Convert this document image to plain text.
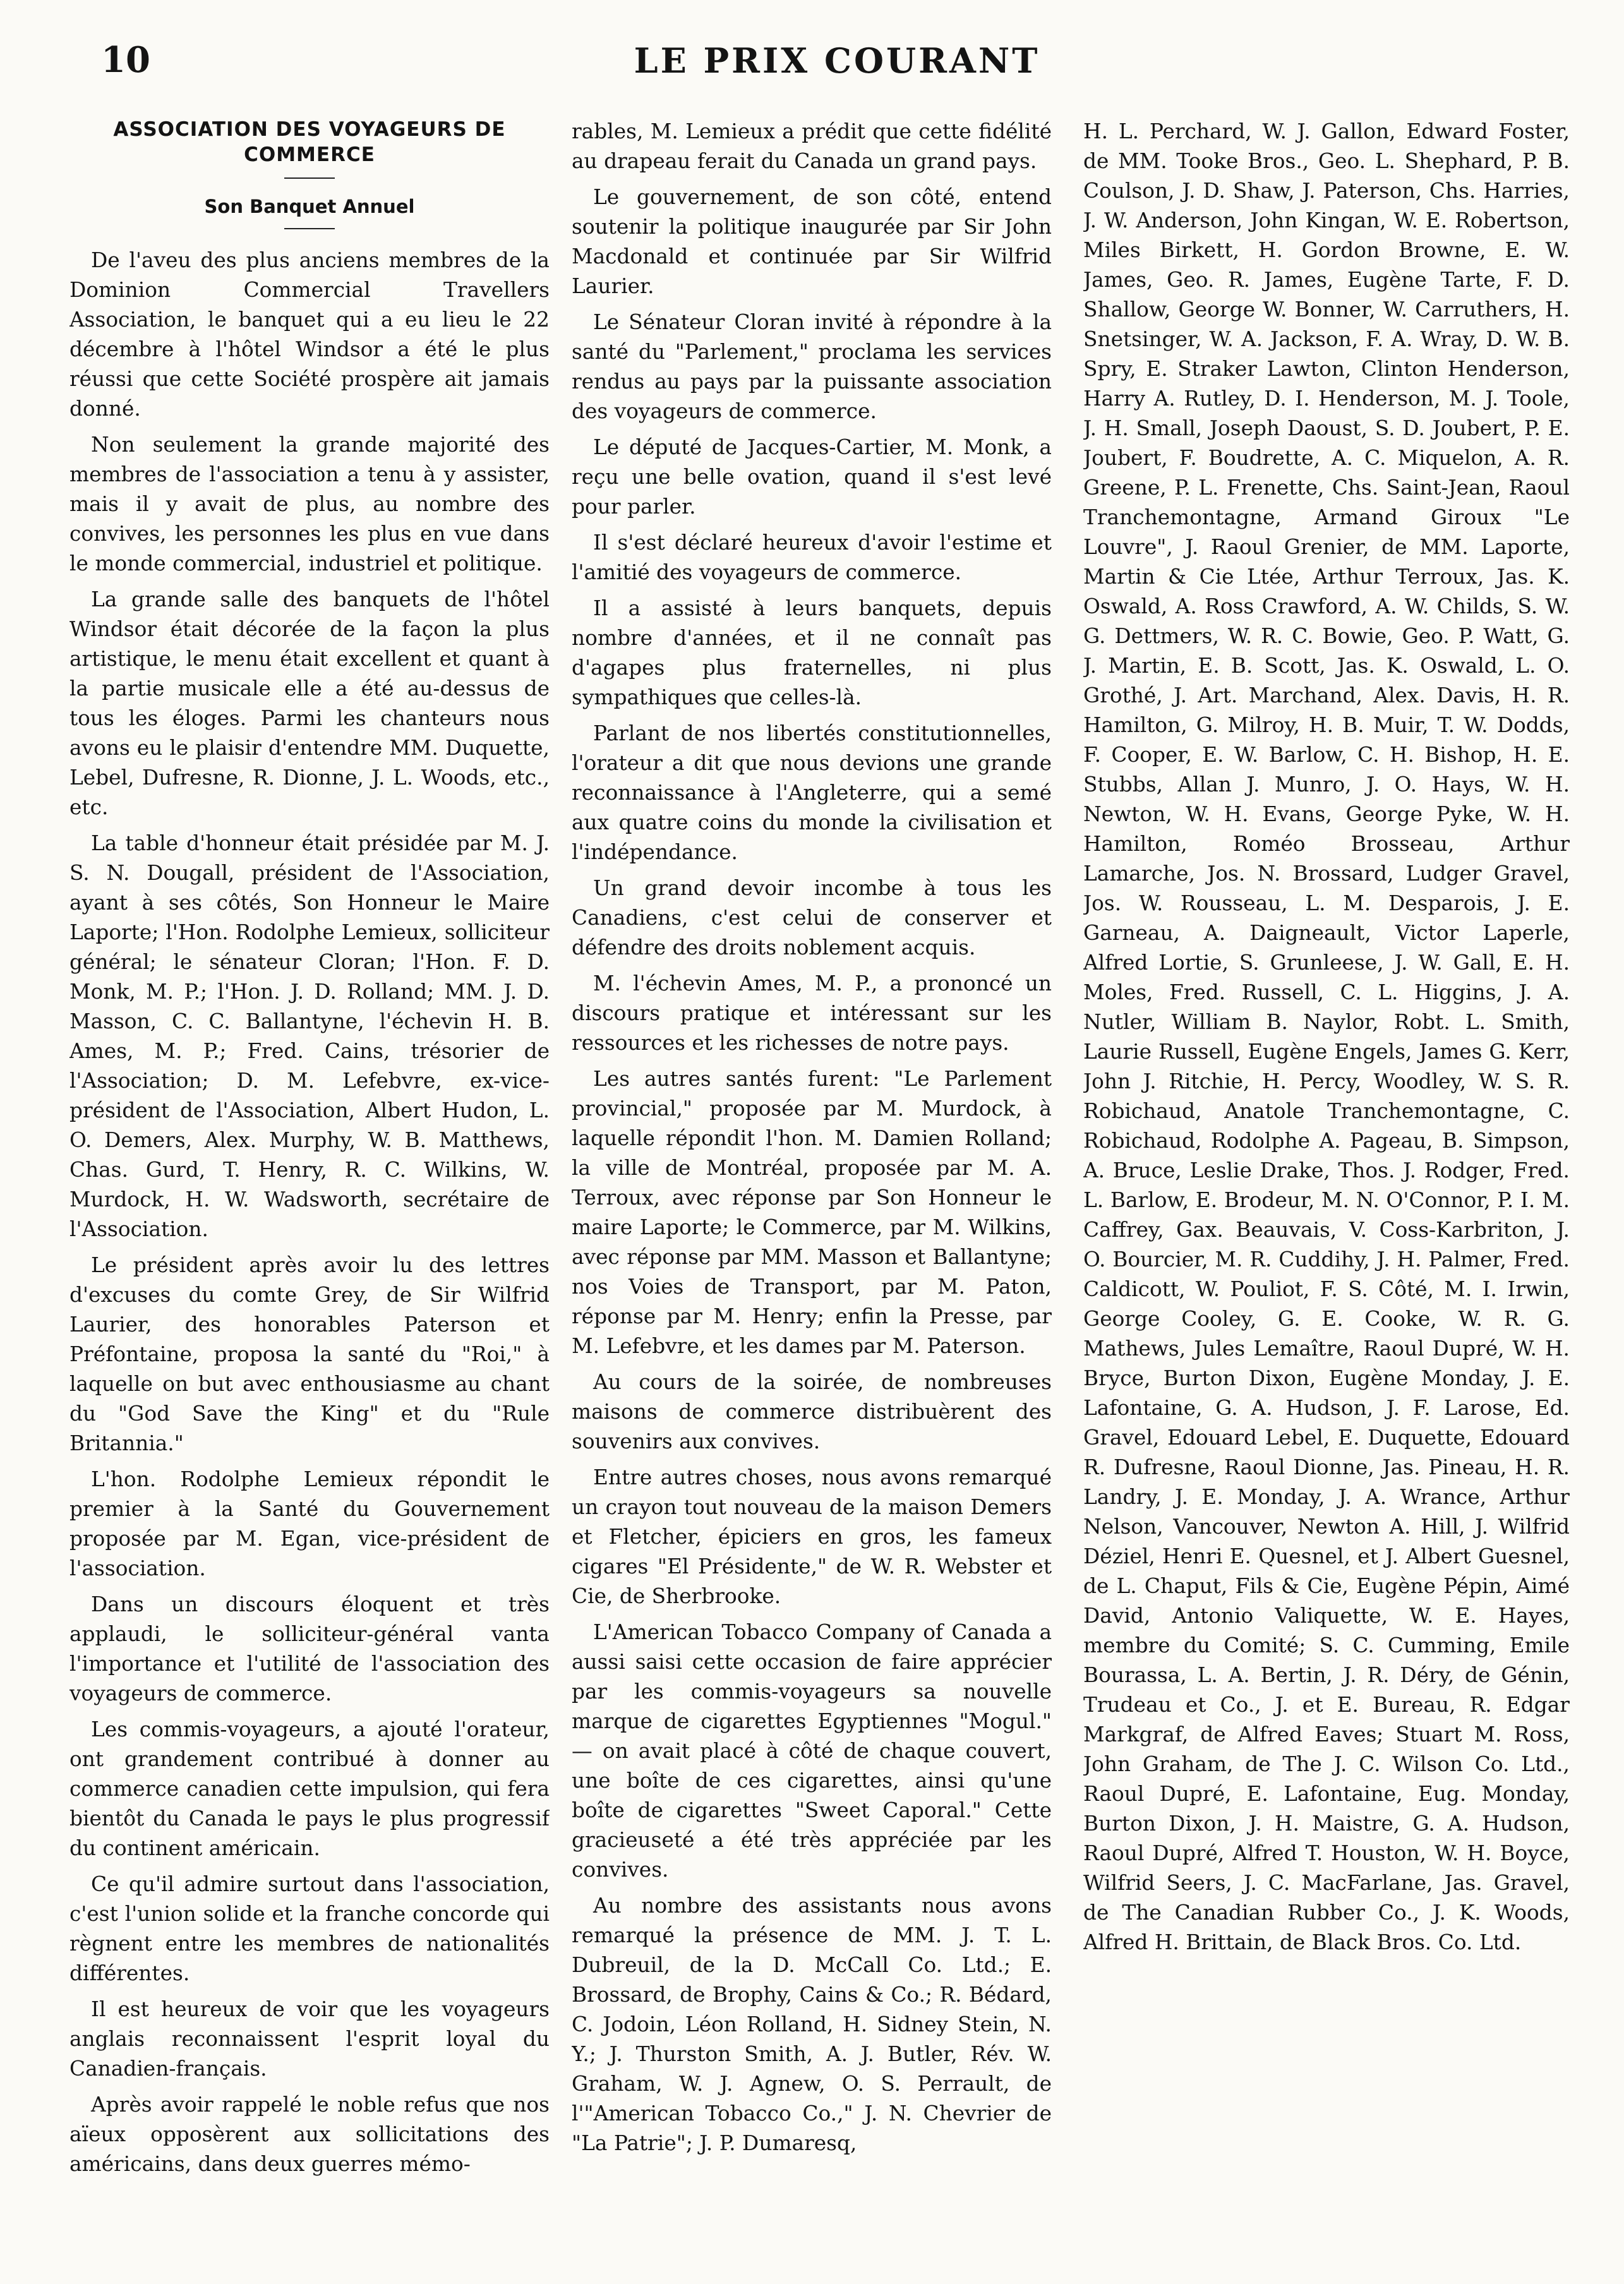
10	LE PRIX COURANT
ASSOCIATION DES VOYAGEURS DE COMMERCE
Son Banquet Annuel

De l'aveu des plus anciens membres de la Dominion Commercial Travellers Association, le banquet qui a eu lieu le 22 décembre à l'hôtel Windsor a été le plus réussi que cette Société prospère ait jamais donné.

Non seulement la grande majorité des membres de l'association a tenu à y assister, mais il y avait de plus, au nombre des convives, les personnes les plus en vue dans le monde commercial, industriel et politique.

La grande salle des banquets de l'hôtel Windsor était décorée de la façon la plus artistique, le menu était excellent et quant à la partie musicale elle a été au-dessus de tous les éloges. Parmi les chanteurs nous avons eu le plaisir d'entendre MM. Duquette, Lebel, Dufresne, R. Dionne, J. L. Woods, etc., etc.

La table d'honneur était présidée par M. J. S. N. Dougall, président de l'Association, ayant à ses côtés, Son Honneur le Maire Laporte; l'Hon. Rodolphe Lemieux, solliciteur général; le sénateur Cloran; l'Hon. F. D. Monk, M. P.; l'Hon. J. D. Rolland; MM. J. D. Masson, C. C. Ballantyne, l'échevin H. B. Ames, M. P.; Fred. Cains, trésorier de l'Association; D. M. Lefebvre, ex-vice-président de l'Association, Albert Hudon, L. O. Demers, Alex. Murphy, W. B. Matthews, Chas. Gurd, T. Henry, R. C. Wilkins, W. Murdock, H. W. Wadsworth, secrétaire de l'Association.

Le président après avoir lu des lettres d'excuses du comte Grey, de Sir Wilfrid Laurier, des honorables Paterson et Préfontaine, proposa la santé du "Roi," à laquelle on but avec enthousiasme au chant du "God Save the King" et du "Rule Britannia."

L'hon. Rodolphe Lemieux répondit le premier à la Santé du Gouvernement proposée par M. Egan, vice-président de l'association.

Dans un discours éloquent et très applaudi, le solliciteur-général vanta l'importance et l'utilité de l'association des voyageurs de commerce.

Les commis-voyageurs, a ajouté l'orateur, ont grandement contribué à donner au commerce canadien cette impulsion, qui fera bientôt du Canada le pays le plus progressif du continent américain.

Ce qu'il admire surtout dans l'association, c'est l'union solide et la franche concorde qui règnent entre les membres de nationalités différentes.

Il est heureux de voir que les voyageurs anglais reconnaissent l'esprit loyal du Canadien-français.

Après avoir rappelé le noble refus que nos aïeux opposèrent aux sollicitations des américains, dans deux guerres mémo-

rables, M. Lemieux a prédit que cette fidélité au drapeau ferait du Canada un grand pays.

Le gouvernement, de son côté, entend soutenir la politique inaugurée par Sir John Macdonald et continuée par Sir Wilfrid Laurier.

Le Sénateur Cloran invité à répondre à la santé du "Parlement," proclama les services rendus au pays par la puissante association des voyageurs de commerce.

Le député de Jacques-Cartier, M. Monk, a reçu une belle ovation, quand il s'est levé pour parler.

Il s'est déclaré heureux d'avoir l'estime et l'amitié des voyageurs de commerce.

Il a assisté à leurs banquets, depuis nombre d'années, et il ne connaît pas d'agapes plus fraternelles, ni plus sympathiques que celles-là.

Parlant de nos libertés constitutionnelles, l'orateur a dit que nous devions une grande reconnaissance à l'Angleterre, qui a semé aux quatre coins du monde la civilisation et l'indépendance.

Un grand devoir incombe à tous les Canadiens, c'est celui de conserver et défendre des droits noblement acquis.

M. l'échevin Ames, M. P., a prononcé un discours pratique et intéressant sur les ressources et les richesses de notre pays.

Les autres santés furent: "Le Parlement provincial," proposée par M. Murdock, à laquelle répondit l'hon. M. Damien Rolland; la ville de Montréal, proposée par M. A. Terroux, avec réponse par Son Honneur le maire Laporte; le Commerce, par M. Wilkins, avec réponse par MM. Masson et Ballantyne; nos Voies de Transport, par M. Paton, réponse par M. Henry; enfin la Presse, par M. Lefebvre, et les dames par M. Paterson.

Au cours de la soirée, de nombreuses maisons de commerce distribuèrent des souvenirs aux convives.

Entre autres choses, nous avons remarqué un crayon tout nouveau de la maison Demers et Fletcher, épiciers en gros, les fameux cigares "El Présidente," de W. R. Webster et Cie, de Sherbrooke.

L'American Tobacco Company of Canada a aussi saisi cette occasion de faire apprécier par les commis-voyageurs sa nouvelle marque de cigarettes Egyptiennes "Mogul." — on avait placé à côté de chaque couvert, une boîte de ces cigarettes, ainsi qu'une boîte de cigarettes "Sweet Caporal." Cette gracieuseté a été très appréciée par les convives.

Au nombre des assistants nous avons remarqué la présence de MM. J. T. L. Dubreuil, de la D. McCall Co. Ltd.; E. Brossard, de Brophy, Cains & Co.; R. Bédard, C. Jodoin, Léon Rolland, H. Sidney Stein, N. Y.; J. Thurston Smith, A. J. Butler, Rév. W. Graham, W. J. Agnew, O. S. Perrault, de l'"American Tobacco Co.," J. N. Chevrier de "La Patrie"; J. P. Dumaresq,

H. L. Perchard, W. J. Gallon, Edward Foster, de MM. Tooke Bros., Geo. L. Shephard, P. B. Coulson, J. D. Shaw, J. Paterson, Chs. Harries, J. W. Anderson, John Kingan, W. E. Robertson, Miles Birkett, H. Gordon Browne, E. W. James, Geo. R. James, Eugène Tarte, F. D. Shallow, George W. Bonner, W. Carruthers, H. Snetsinger, W. A. Jackson, F. A. Wray, D. W. B. Spry, E. Straker Lawton, Clinton Henderson, Harry A. Rutley, D. I. Henderson, M. J. Toole, J. H. Small, Joseph Daoust, S. D. Joubert, P. E. Joubert, F. Boudrette, A. C. Miquelon, A. R. Greene, P. L. Frenette, Chs. Saint-Jean, Raoul Tranchemontagne, Armand Giroux "Le Louvre", J. Raoul Grenier, de MM. Laporte, Martin & Cie Ltée, Arthur Terroux, Jas. K. Oswald, A. Ross Crawford, A. W. Childs, S. W. G. Dettmers, W. R. C. Bowie, Geo. P. Watt, G. J. Martin, E. B. Scott, Jas. K. Oswald, L. O. Grothé, J. Art. Marchand, Alex. Davis, H. R. Hamilton, G. Milroy, H. B. Muir, T. W. Dodds, F. Cooper, E. W. Barlow, C. H. Bishop, H. E. Stubbs, Allan J. Munro, J. O. Hays, W. H. Newton, W. H. Evans, George Pyke, W. H. Hamilton, Roméo Brosseau, Arthur Lamarche, Jos. N. Brossard, Ludger Gravel, Jos. W. Rousseau, L. M. Desparois, J. E. Garneau, A. Daigneault, Victor Laperle, Alfred Lortie, S. Grunleese, J. W. Gall, E. H. Moles, Fred. Russell, C. L. Higgins, J. A. Nutler, William B. Naylor, Robt. L. Smith, Laurie Russell, Eugène Engels, James G. Kerr, John J. Ritchie, H. Percy, Woodley, W. S. R. Robichaud, Anatole Tranchemontagne, C. Robichaud, Rodolphe A. Pageau, B. Simpson, A. Bruce, Leslie Drake, Thos. J. Rodger, Fred. L. Barlow, E. Brodeur, M. N. O'Connor, P. I. M. Caffrey, Gax. Beauvais, V. Coss-Karbriton, J. O. Bourcier, M. R. Cuddihy, J. H. Palmer, Fred. Caldicott, W. Pouliot, F. S. Côté, M. I. Irwin, George Cooley, G. E. Cooke, W. R. G. Mathews, Jules Lemaître, Raoul Dupré, W. H. Bryce, Burton Dixon, Eugène Monday, J. E. Lafontaine, G. A. Hudson, J. F. Larose, Ed. Gravel, Edouard Lebel, E. Duquette, Edouard R. Dufresne, Raoul Dionne, Jas. Pineau, H. R. Landry, J. E. Monday, J. A. Wrance, Arthur Nelson, Vancouver, Newton A. Hill, J. Wilfrid Déziel, Henri E. Quesnel, et J. Albert Guesnel, de L. Chaput, Fils & Cie, Eugène Pépin, Aimé David, Antonio Valiquette, W. E. Hayes, membre du Comité; S. C. Cumming, Emile Bourassa, L. A. Bertin, J. R. Déry, de Génin, Trudeau et Co., J. et E. Bureau, R. Edgar Markgraf, de Alfred Eaves; Stuart M. Ross, John Graham, de The J. C. Wilson Co. Ltd., Raoul Dupré, E. Lafontaine, Eug. Monday, Burton Dixon, J. H. Maistre, G. A. Hudson, Raoul Dupré, Alfred T. Houston, W. H. Boyce, Wilfrid Seers, J. C. MacFarlane, Jas. Gravel, de The Canadian Rubber Co., J. K. Woods, Alfred H. Brittain, de Black Bros. Co. Ltd.
